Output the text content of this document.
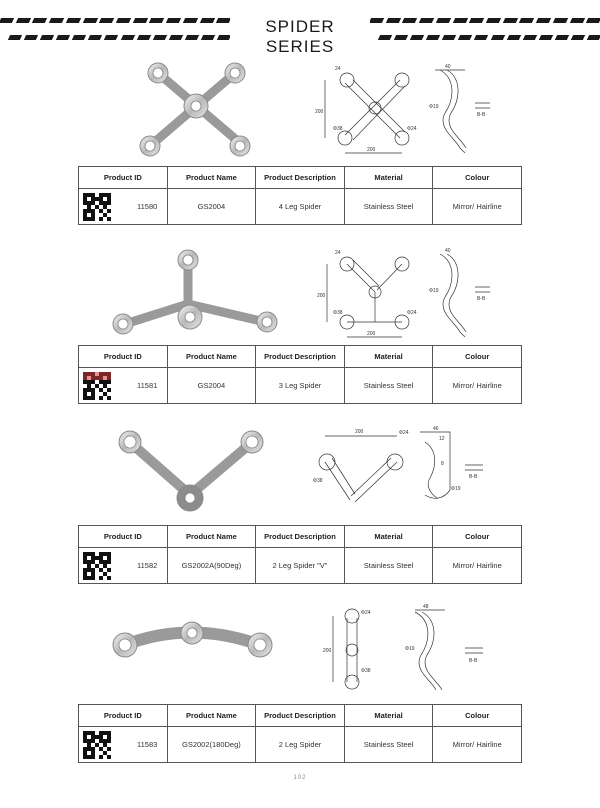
SPIDER SERIES
24
200
Φ38	Φ24
200
40
B-B
Φ19
Product ID	Product Name	Product Description	Material	Colour

11580	GS2004	4 Leg Spider	Stainless Steel	Mirror/ Hairline
24
200
Φ38	Φ24
200
40
B-B
Φ19
Product ID	Product Name	Product Description	Material	Colour

11581	GS2004	3 Leg Spider	Stainless Steel	Mirror/ Hairline
200	Φ24
Φ38
46
12
B-B
Φ19
8
Product ID	Product Name	Product Description	Material	Colour

11582	GS2002A(90Deg)	2 Leg Spider "V"	Stainless Steel	Mirror/ Hairline
Φ24
200
Φ38
48
B-B
Φ19
Product ID	Product Name	Product Description	Material	Colour

11583	GS2002(180Deg)	2 Leg Spider	Stainless Steel	Mirror/ Hairline
102
